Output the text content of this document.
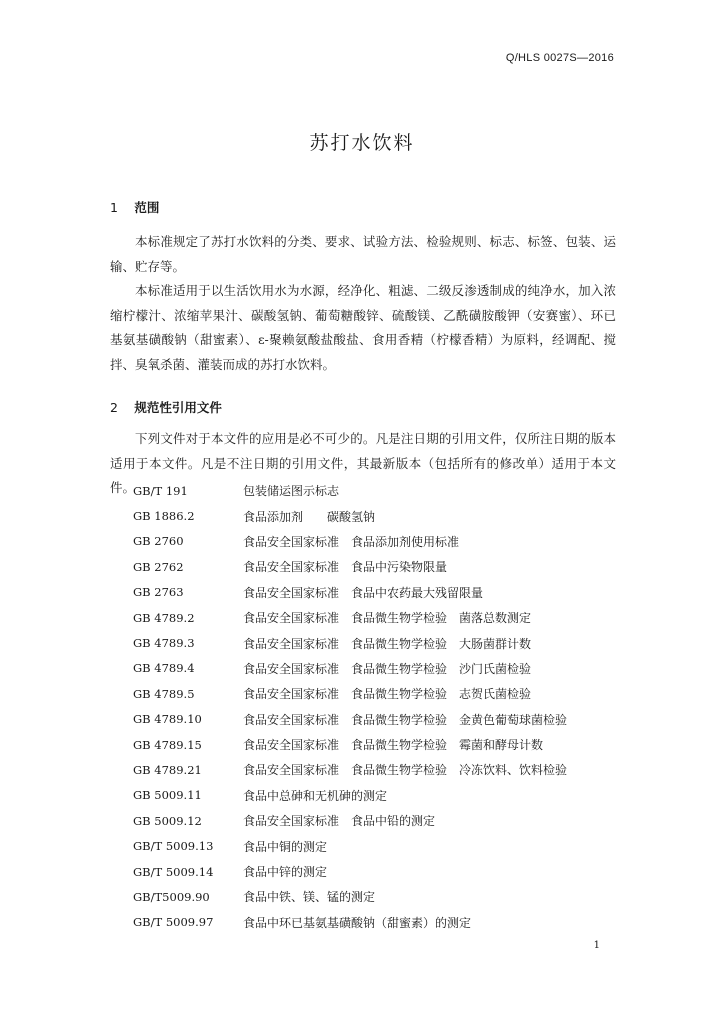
Q/HLS 0027S—2016
苏打水饮料
1 范围
本标准规定了苏打水饮料的分类、要求、试验方法、检验规则、标志、标签、包装、运输、贮存等。
本标准适用于以生活饮用水为水源，经净化、粗滤、二级反渗透制成的纯净水，加入浓缩柠檬汁、浓缩苹果汁、碳酸氢钠、葡萄糖酸锌、硫酸镁、乙酰磺胺酸钾（安赛蜜）、环已基氨基磺酸钠（甜蜜素）、ε-聚赖氨酸盐酸盐、食用香精（柠檬香精）为原料，经调配、搅拌、臭氧杀菌、灌装而成的苏打水饮料。
2 规范性引用文件
下列文件对于本文件的应用是必不可少的。凡是注日期的引用文件，仅所注日期的版本适用于本文件。凡是不注日期的引用文件，其最新版本（包括所有的修改单）适用于本文件。
GB/T 191	包装储运图示标志
GB 1886.2	食品添加剂　　碳酸氢钠
GB 2760	食品安全国家标准　食品添加剂使用标准
GB 2762	食品安全国家标准　食品中污染物限量
GB 2763	食品安全国家标准　食品中农药最大残留限量
GB 4789.2	食品安全国家标准　食品微生物学检验　菌落总数测定
GB 4789.3	食品安全国家标准　食品微生物学检验　大肠菌群计数
GB 4789.4	食品安全国家标准　食品微生物学检验　沙门氏菌检验
GB 4789.5	食品安全国家标准　食品微生物学检验　志贺氏菌检验
GB 4789.10	食品安全国家标准　食品微生物学检验　金黄色葡萄球菌检验
GB 4789.15	食品安全国家标准　食品微生物学检验　霉菌和酵母计数
GB 4789.21	食品安全国家标准　食品微生物学检验　冷冻饮料、饮料检验
GB 5009.11	食品中总砷和无机砷的测定
GB 5009.12	食品安全国家标准　食品中铅的测定
GB/T 5009.13	食品中铜的测定
GB/T 5009.14	食品中锌的测定
GB/T5009.90	食品中铁、镁、锰的测定
GB/T 5009.97	食品中环已基氨基磺酸钠（甜蜜素）的测定
1
